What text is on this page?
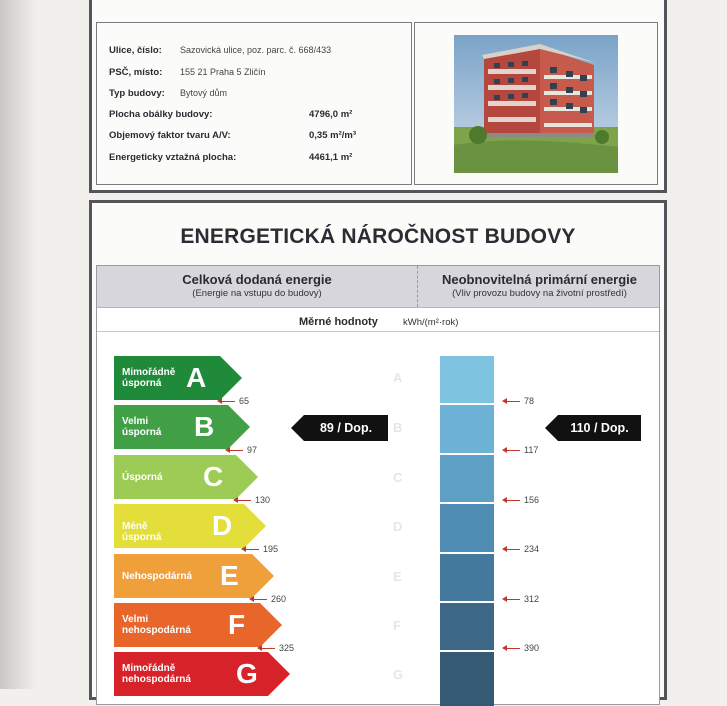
Ulice, číslo: Sazovická ulice, poz. parc. č. 668/433
PSČ, místo: 155 21 Praha 5 Zličín
Typ budovy: Bytový dům
Plocha obálky budovy:	4796,0 m²
Objemový faktor tvaru A/V:	0,35 m²/m³
Energeticky vztažná plocha:	4461,1 m²
ENERGETICKÁ NÁROČNOST BUDOVY
Celková dodaná energie
(Energie na vstupu do budovy)
Neobnovitelná primární energie
(Vliv provozu budovy na životní prostředí)
Měrné hodnoty	kWh/(m²·rok)
A
B
C
D
E
F
G
Mimořádně
úsporná A
Velmi
úsporná B
Úsporná C
Méně úsporná D
Nehospodárná E
Velmi
nehospodárná F
Mimořádně
nehospodárná G
65
97
130
195
260
325
78
117
156
234
312
390
89 / Dop.	110 / Dop.
